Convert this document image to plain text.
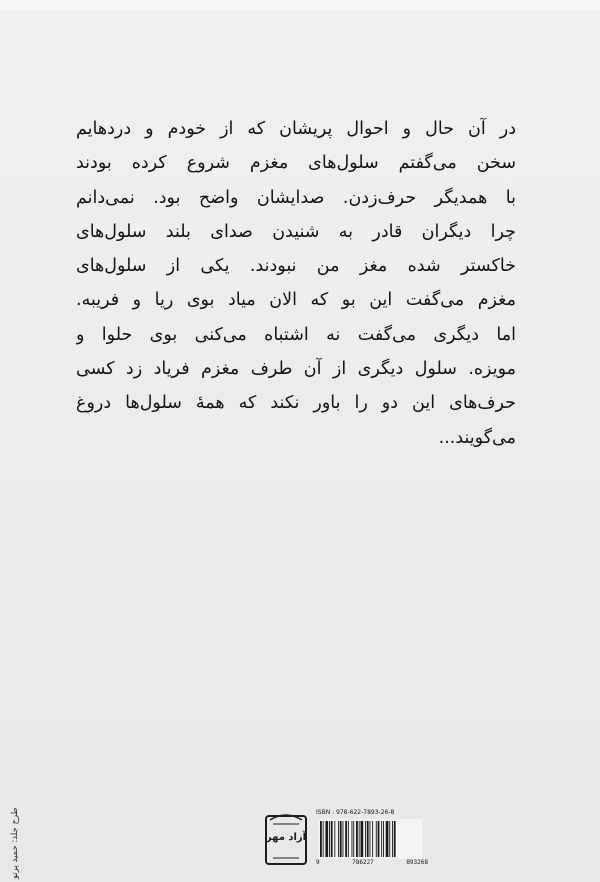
در آن حال و احوال پریشان که از خودم و دردهایم
سخن می‌گفتم سلول‌های مغزم شروع کرده بودند
با همدیگر حرف‌زدن. صدایشان واضح بود. نمی‌دانم
چرا دیگران قادر به شنیدن صدای بلند سلول‌های
خاکستر شده مغز من نبودند. یکی از سلول‌های
مغزم می‌گفت این بو که الان میاد بوی ریا و فریبه.
اما دیگری می‌گفت نه اشتباه می‌کنی بوی حلوا و
مویزه. سلول دیگری از آن طرف مغزم فریاد زد کسی
حرف‌های این دو را باور نکند که همهٔ سلول‌ها دروغ
می‌گویند...
طرح جلد: حمید پرتو	آزاد مهر
ISBN : 978-622-7893-26-8
9	786227	893268
